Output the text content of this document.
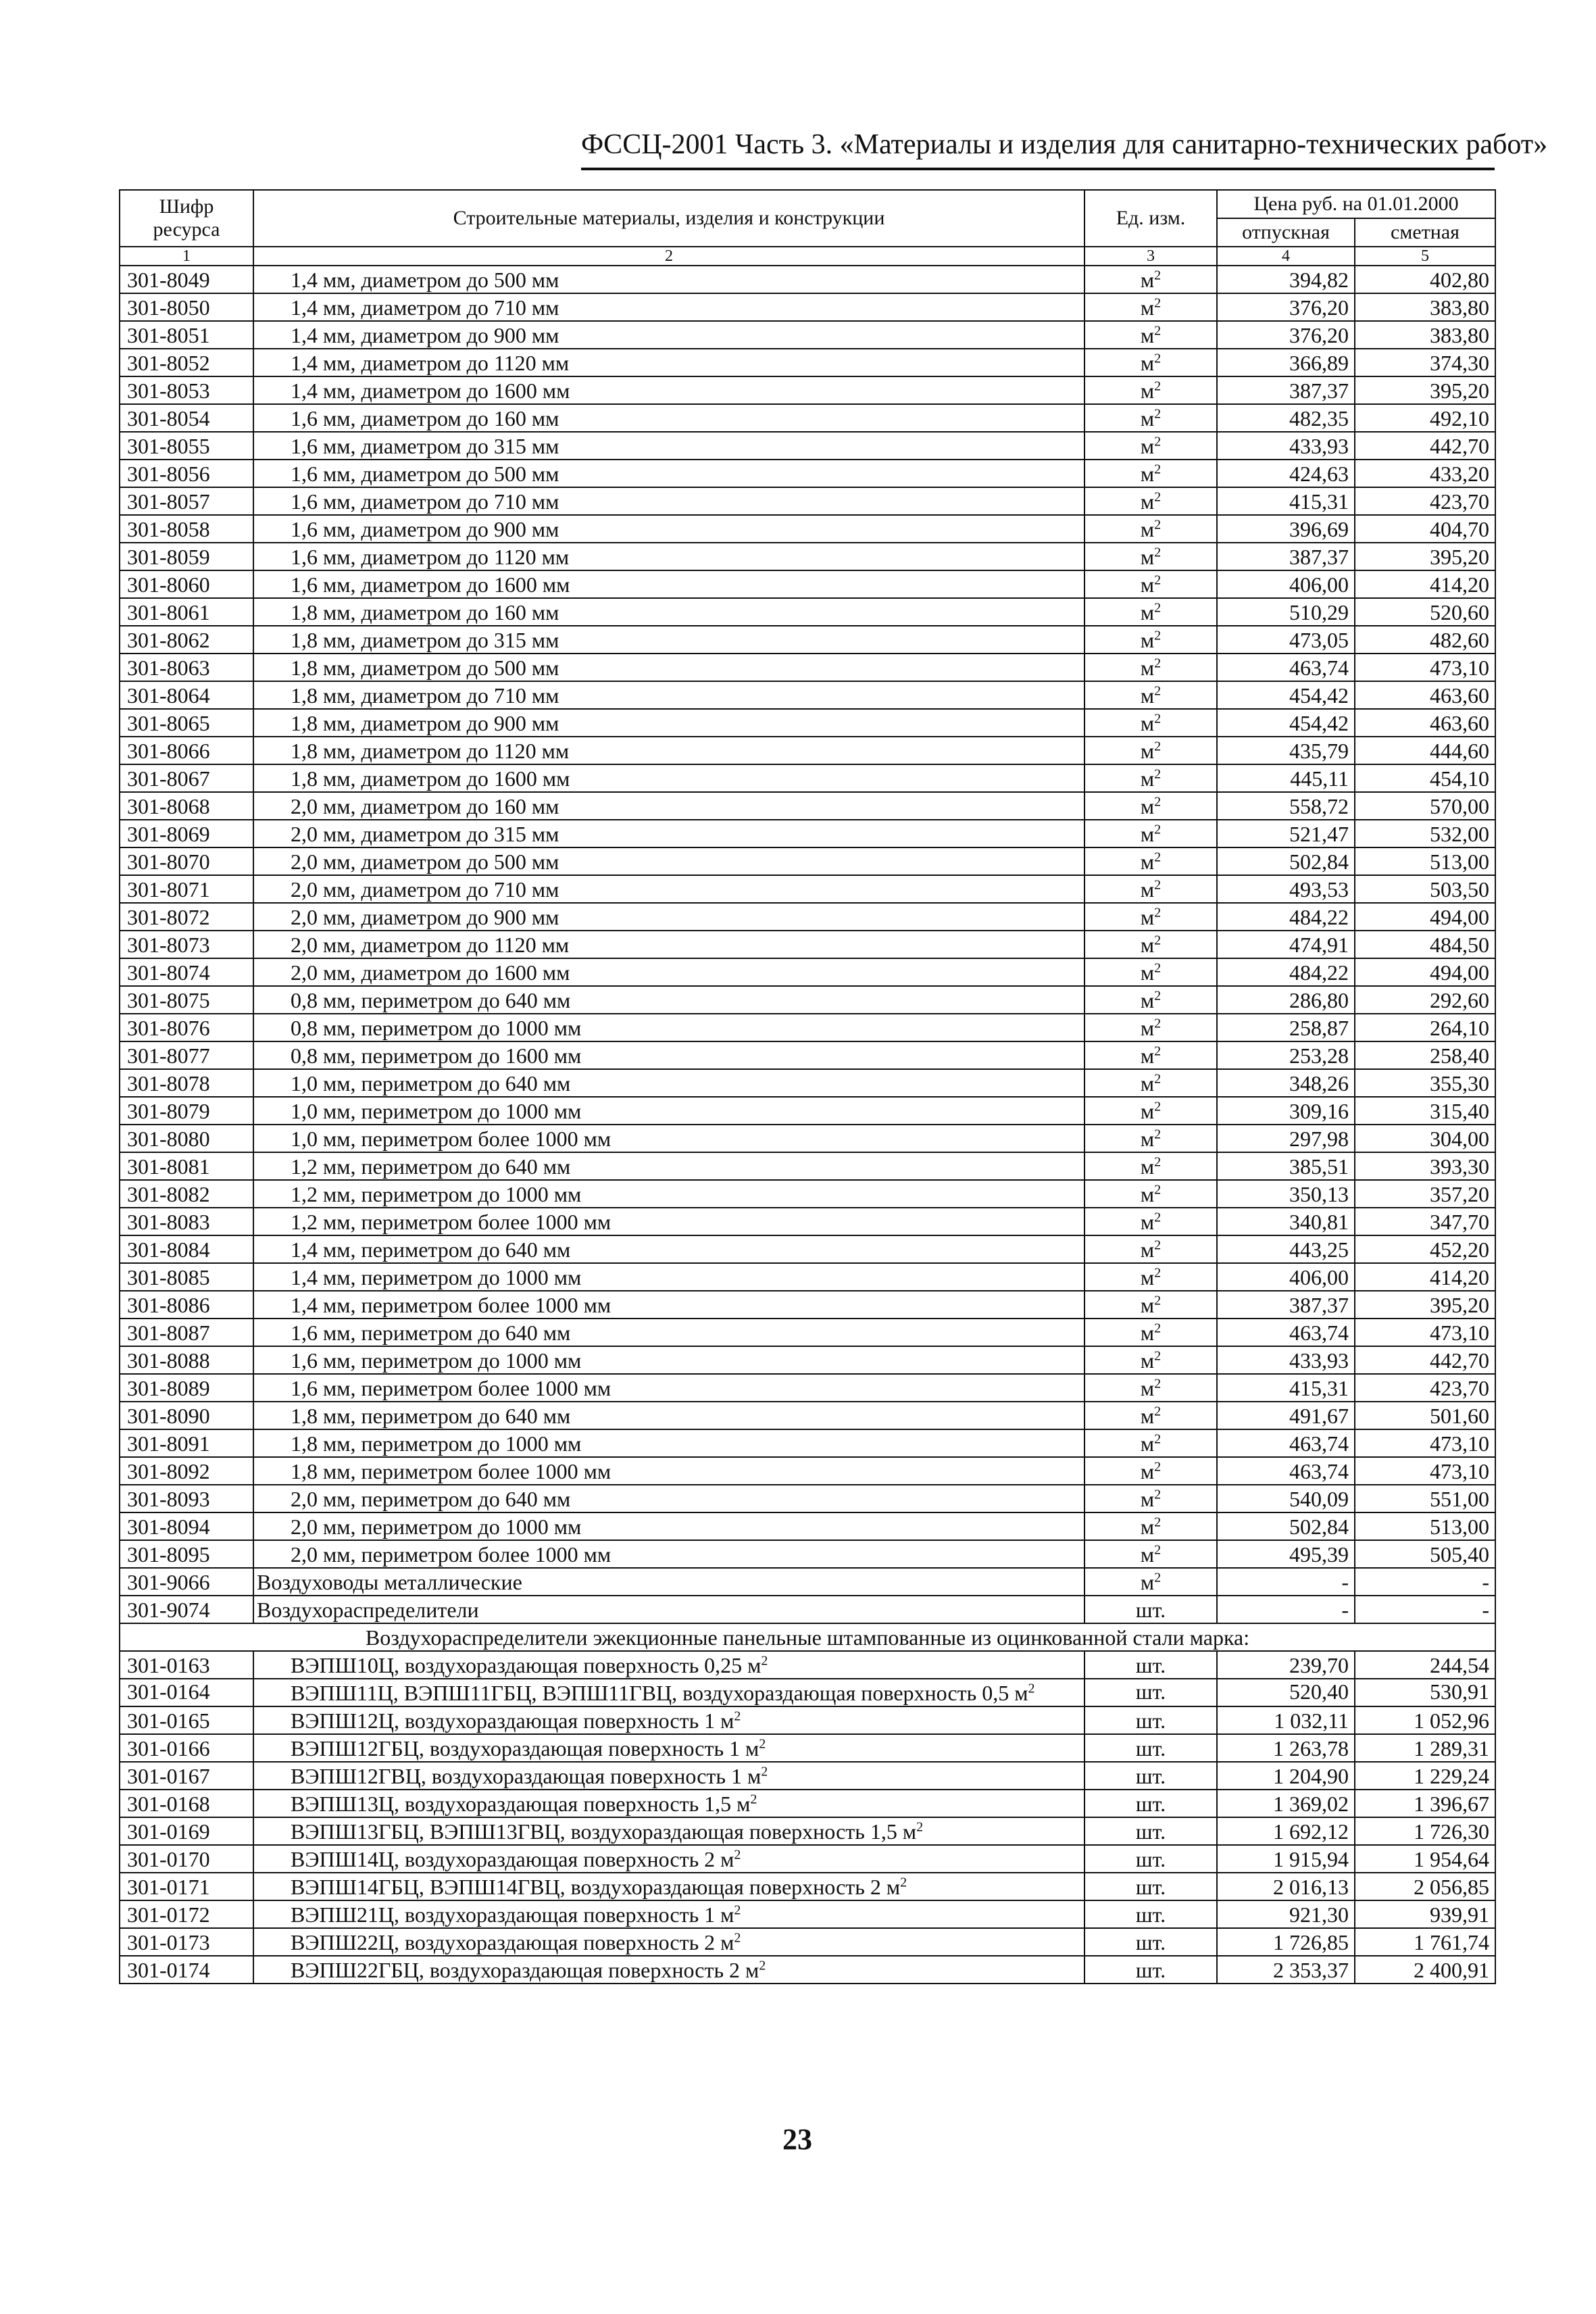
ФССЦ-2001 Часть 3. «Материалы и изделия для санитарно-технических работ»
Шифр ресурса	Строительные материалы, изделия и конструкции	Ед. изм.	Цена руб. на 01.01.2000	
			отпускная	сметная
1	2	3	4	5
301-8049	1,4 мм, диаметром до 500 мм	$м^2$	394,82	402,80
301-8050	1,4 мм, диаметром до 710 мм	$м^2$	376,20	383,80
301-8051	1,4 мм, диаметром до 900 мм	$м^2$	376,20	383,80
301-8052	1,4 мм, диаметром до 1120 мм	$м^2$	366,89	374,30
301-8053	1,4 мм, диаметром до 1600 мм	$м^2$	387,37	395,20
301-8054	1,6 мм, диаметром до 160 мм	$м^2$	482,35	492,10
301-8055	1,6 мм, диаметром до 315 мм	$м^2$	433,93	442,70
301-8056	1,6 мм, диаметром до 500 мм	$м^2$	424,63	433,20
301-8057	1,6 мм, диаметром до 710 мм	$м^2$	415,31	423,70
301-8058	1,6 мм, диаметром до 900 мм	$м^2$	396,69	404,70
301-8059	1,6 мм, диаметром до 1120 мм	$м^2$	387,37	395,20
301-8060	1,6 мм, диаметром до 1600 мм	$м^2$	406,00	414,20
301-8061	1,8 мм, диаметром до 160 мм	$м^2$	510,29	520,60
301-8062	1,8 мм, диаметром до 315 мм	$м^2$	473,05	482,60
301-8063	1,8 мм, диаметром до 500 мм	$м^2$	463,74	473,10
301-8064	1,8 мм, диаметром до 710 мм	$м^2$	454,42	463,60
301-8065	1,8 мм, диаметром до 900 мм	$м^2$	454,42	463,60
301-8066	1,8 мм, диаметром до 1120 мм	$м^2$	435,79	444,60
301-8067	1,8 мм, диаметром до 1600 мм	$м^2$	445,11	454,10
301-8068	2,0 мм, диаметром до 160 мм	$м^2$	558,72	570,00
301-8069	2,0 мм, диаметром до 315 мм	$м^2$	521,47	532,00
301-8070	2,0 мм, диаметром до 500 мм	$м^2$	502,84	513,00
301-8071	2,0 мм, диаметром до 710 мм	$м^2$	493,53	503,50
301-8072	2,0 мм, диаметром до 900 мм	$м^2$	484,22	494,00
301-8073	2,0 мм, диаметром до 1120 мм	$м^2$	474,91	484,50
301-8074	2,0 мм, диаметром до 1600 мм	$м^2$	484,22	494,00
301-8075	0,8 мм, периметром до 640 мм	$м^2$	286,80	292,60
301-8076	0,8 мм, периметром до 1000 мм	$м^2$	258,87	264,10
301-8077	0,8 мм, периметром до 1600 мм	$м^2$	253,28	258,40
301-8078	1,0 мм, периметром до 640 мм	$м^2$	348,26	355,30
301-8079	1,0 мм, периметром до 1000 мм	$м^2$	309,16	315,40
301-8080	1,0 мм, периметром более 1000 мм	$м^2$	297,98	304,00
301-8081	1,2 мм, периметром до 640 мм	$м^2$	385,51	393,30
301-8082	1,2 мм, периметром до 1000 мм	$м^2$	350,13	357,20
301-8083	1,2 мм, периметром более 1000 мм	$м^2$	340,81	347,70
301-8084	1,4 мм, периметром до 640 мм	$м^2$	443,25	452,20
301-8085	1,4 мм, периметром до 1000 мм	$м^2$	406,00	414,20
301-8086	1,4 мм, периметром более 1000 мм	$м^2$	387,37	395,20
301-8087	1,6 мм, периметром до 640 мм	$м^2$	463,74	473,10
301-8088	1,6 мм, периметром до 1000 мм	$м^2$	433,93	442,70
301-8089	1,6 мм, периметром более 1000 мм	$м^2$	415,31	423,70
301-8090	1,8 мм, периметром до 640 мм	$м^2$	491,67	501,60
301-8091	1,8 мм, периметром до 1000 мм	$м^2$	463,74	473,10
301-8092	1,8 мм, периметром более 1000 мм	$м^2$	463,74	473,10
301-8093	2,0 мм, периметром до 640 мм	$м^2$	540,09	551,00
301-8094	2,0 мм, периметром до 1000 мм	$м^2$	502,84	513,00
301-8095	2,0 мм, периметром более 1000 мм	$м^2$	495,39	505,40
301-9066	Воздуховоды металлические	$м^2$	-	-
301-9074	Воздухораспределители	шт.	-	-
Воздухораспределители эжекционные панельные штампованные из оцинкованной стали марка:				
301-0163	ВЭПШ10Ц, воздухораздающая поверхность 0,25 $м^2$	шт.	239,70	244,54
301-0164	ВЭПШ11Ц, ВЭПШ11ГБЦ, ВЭПШ11ГВЦ, воздухораздающая поверхность 0,5 $м^2$	шт.	520,40	530,91
301-0165	ВЭПШ12Ц, воздухораздающая поверхность 1 $м^2$	шт.	1 032,11	1 052,96
301-0166	ВЭПШ12ГБЦ, воздухораздающая поверхность 1 $м^2$	шт.	1 263,78	1 289,31
301-0167	ВЭПШ12ГВЦ, воздухораздающая поверхность 1 $м^2$	шт.	1 204,90	1 229,24
301-0168	ВЭПШ13Ц, воздухораздающая поверхность 1,5 $м^2$	шт.	1 369,02	1 396,67
301-0169	ВЭПШ13ГБЦ, ВЭПШ13ГВЦ, воздухораздающая поверхность 1,5 $м^2$	шт.	1 692,12	1 726,30
301-0170	ВЭПШ14Ц, воздухораздающая поверхность 2 $м^2$	шт.	1 915,94	1 954,64
301-0171	ВЭПШ14ГБЦ, ВЭПШ14ГВЦ, воздухораздающая поверхность 2 $м^2$	шт.	2 016,13	2 056,85
301-0172	ВЭПШ21Ц, воздухораздающая поверхность 1 $м^2$	шт.	921,30	939,91
301-0173	ВЭПШ22Ц, воздухораздающая поверхность 2 $м^2$	шт.	1 726,85	1 761,74
301-0174	ВЭПШ22ГБЦ, воздухораздающая поверхность 2 $м^2$	шт.	2 353,37	2 400,91
23
